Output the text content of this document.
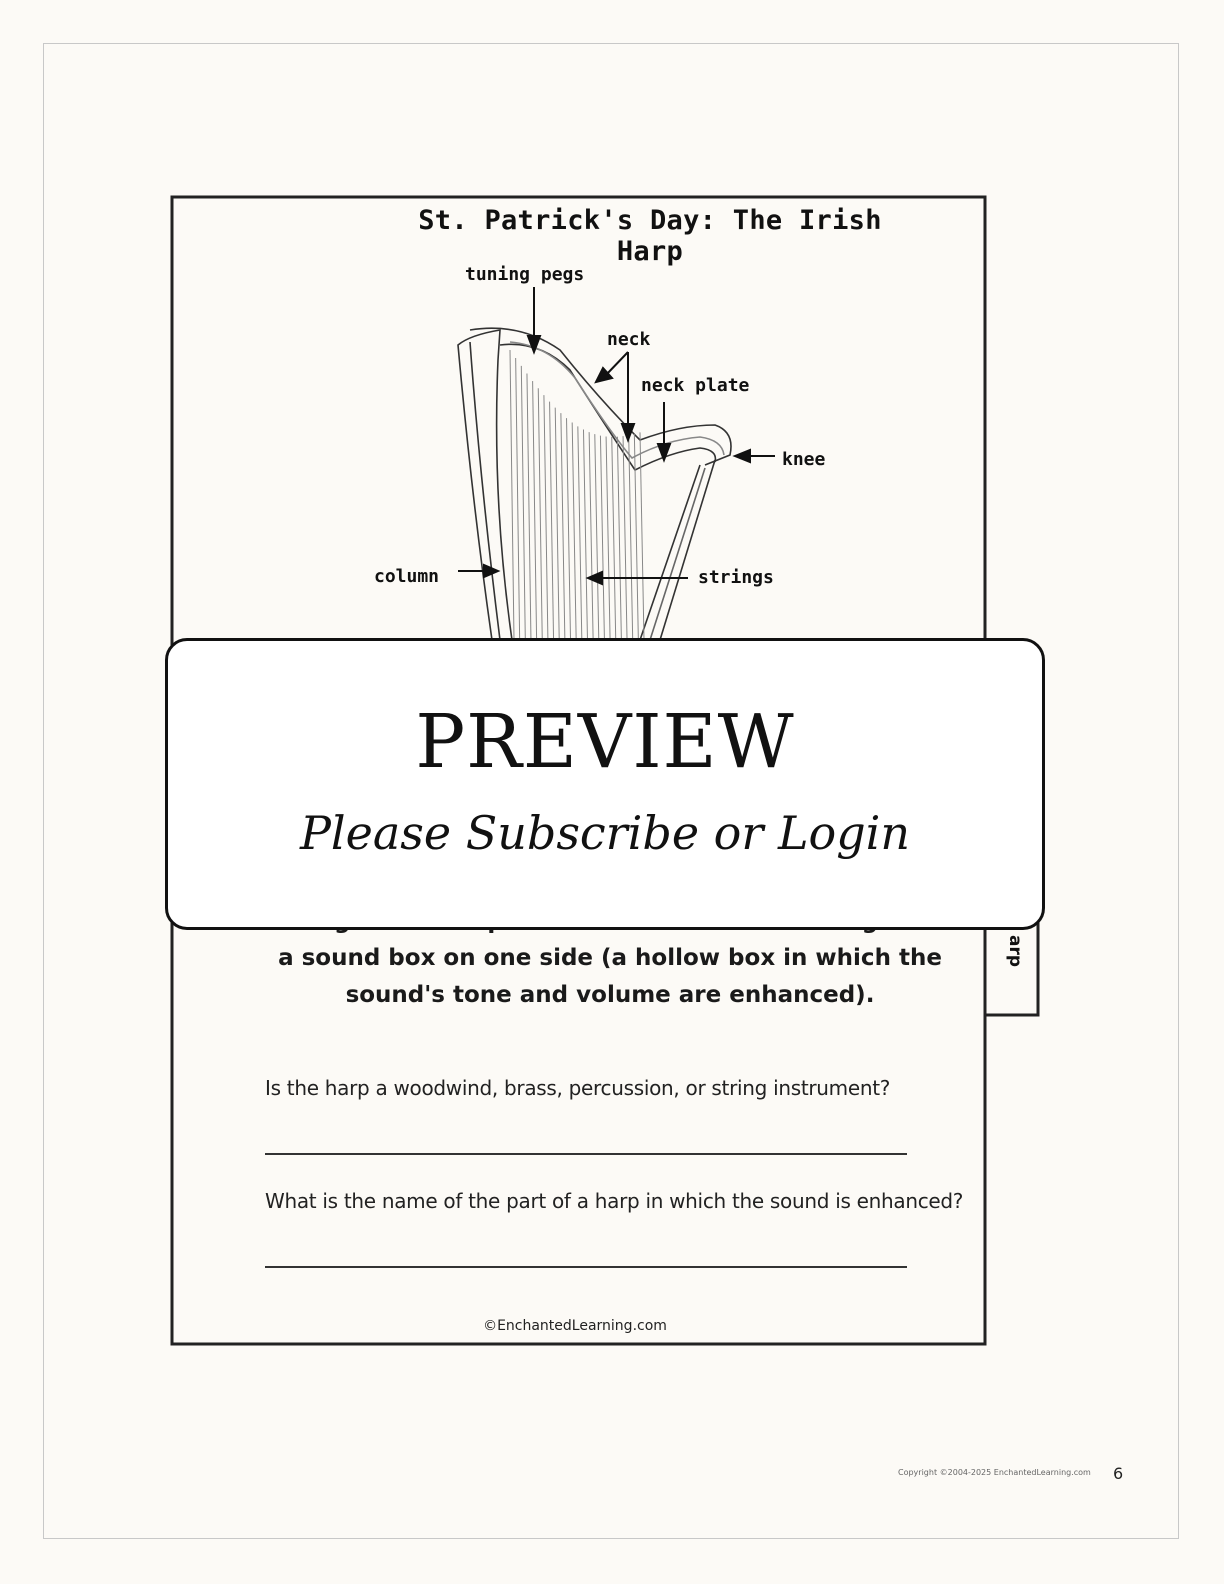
St. Patrick's Day: The Irish Harp
tuning pegs
neck
neck plate
knee
column	strings
arp
a sound box on one side (a hollow box in which the
sound's tone and volume are enhanced).
Is the harp a woodwind, brass, percussion, or string instrument?
What is the name of the part of a harp in which the sound is enhanced?
©EnchantedLearning.com
PREVIEW
Please Subscribe or Login
Copyright ©2004-2025 EnchantedLearning.com 6
